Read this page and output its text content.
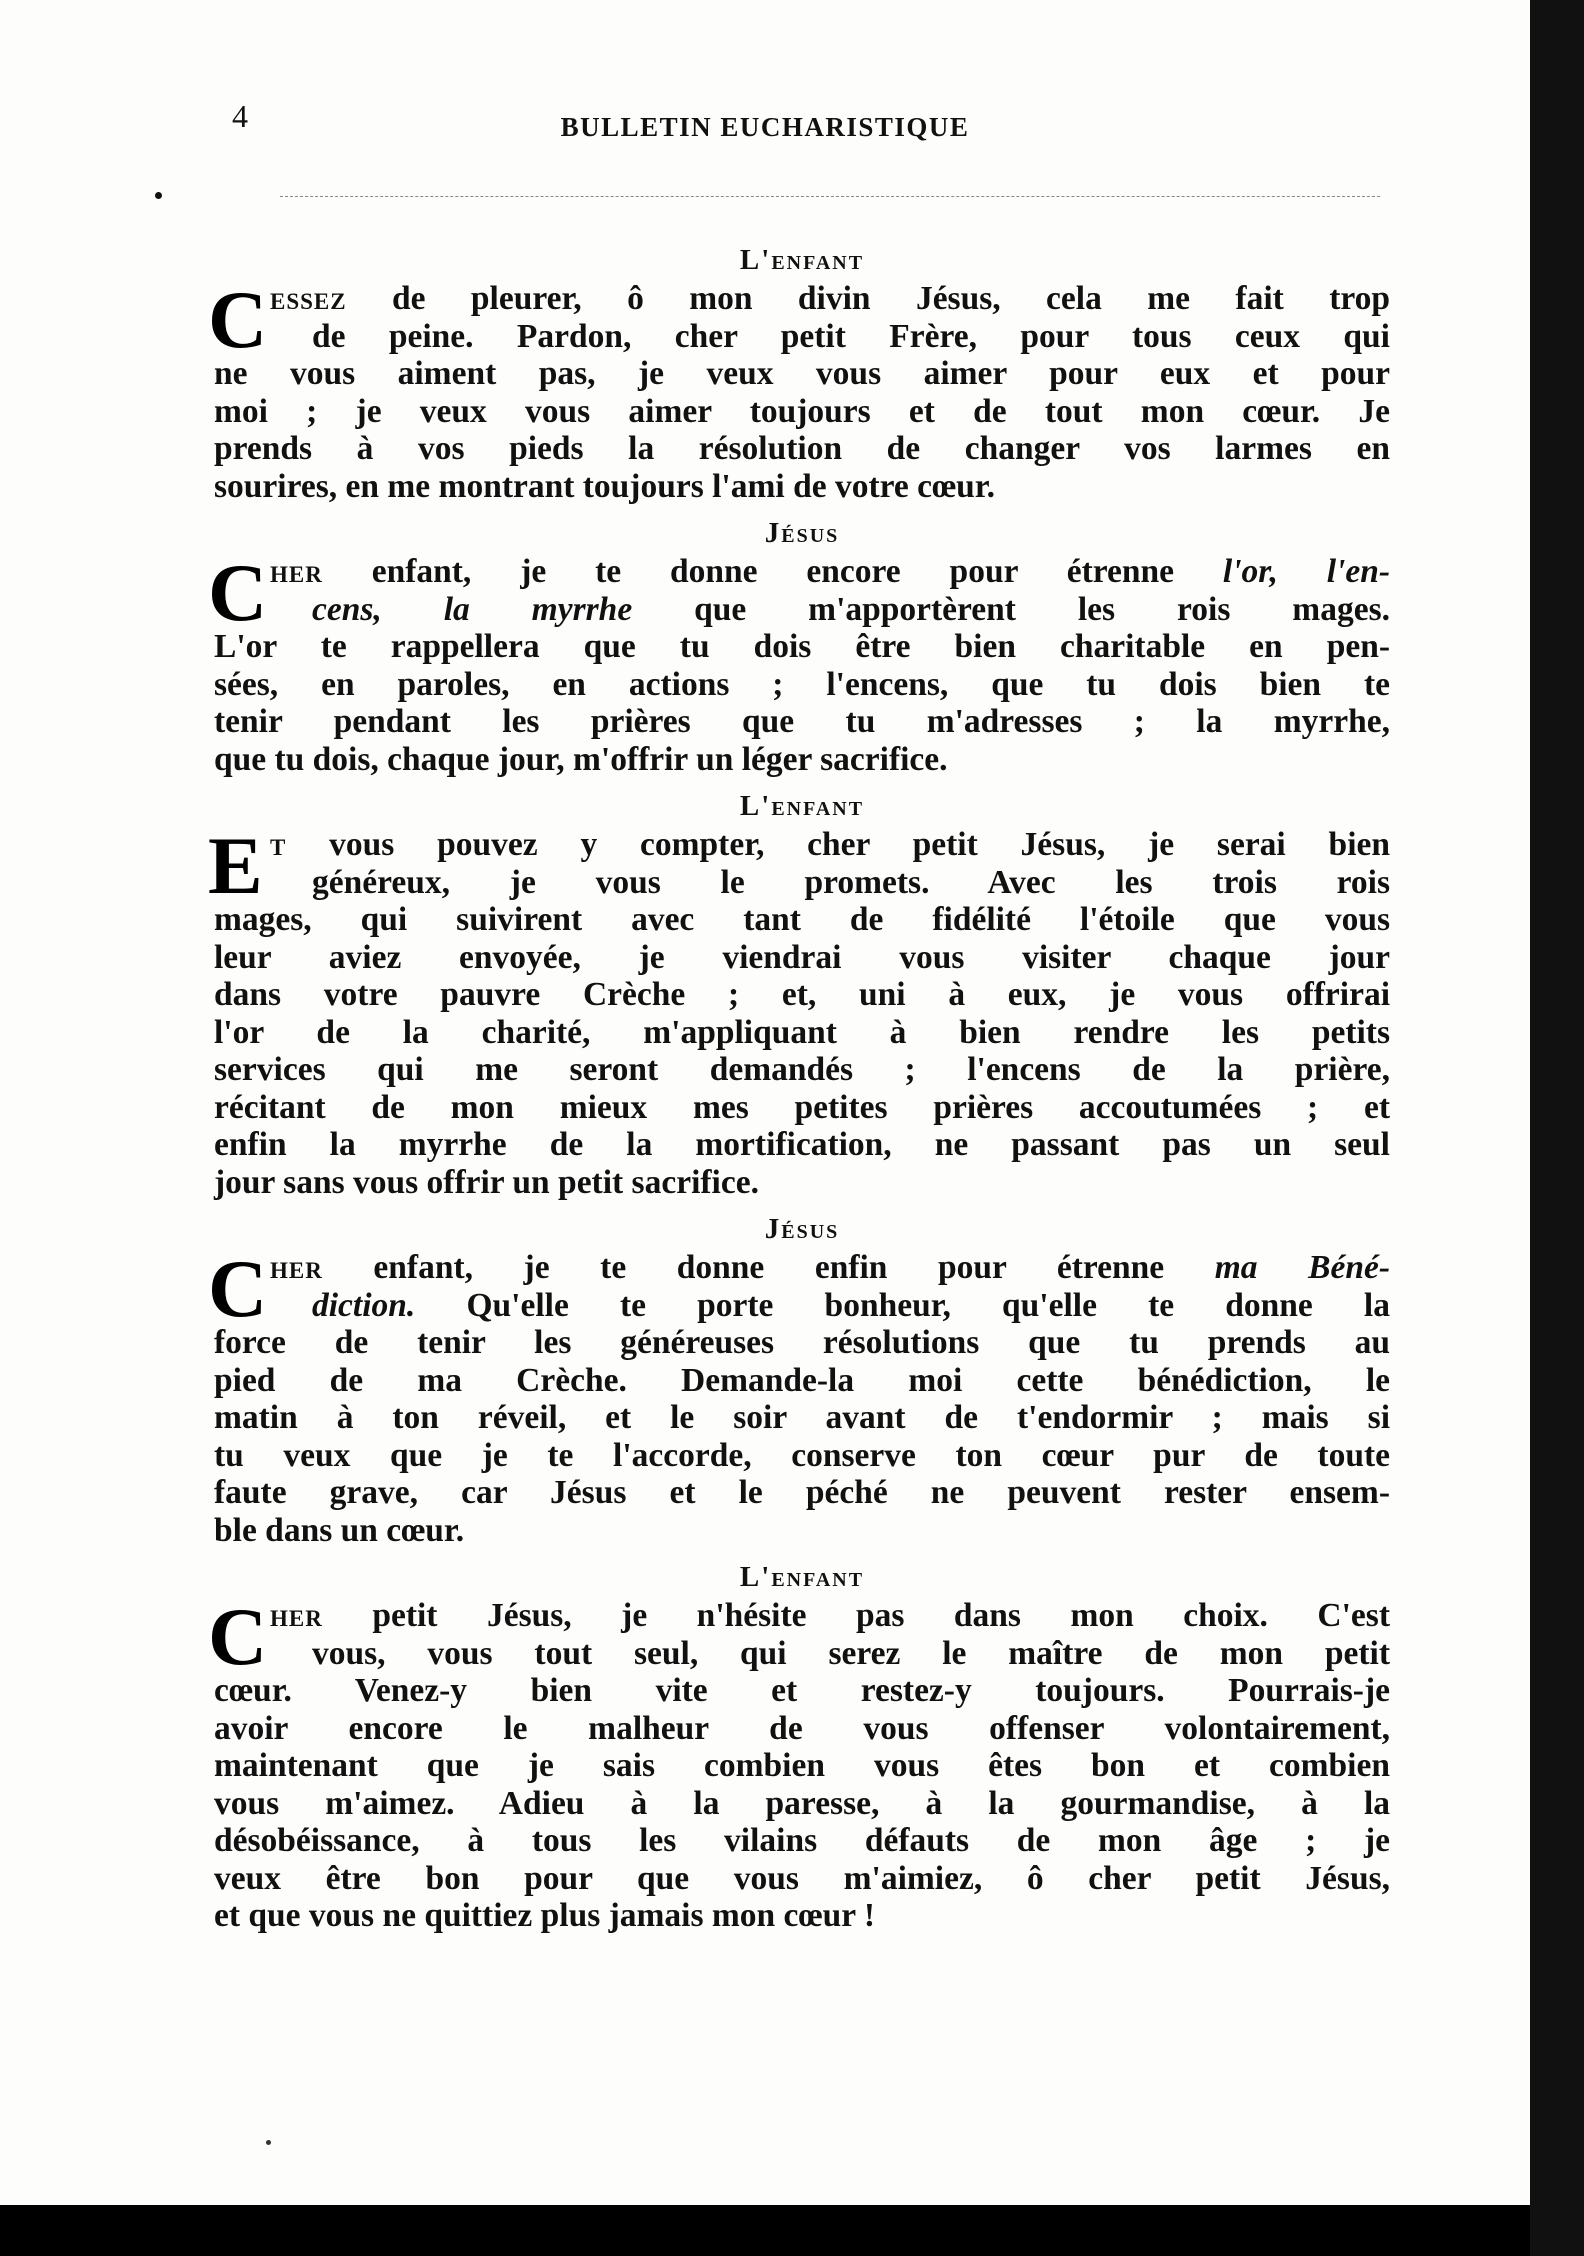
4	BULLETIN EUCHARISTIQUE
L'enfant
C essez de pleurer, ô mon divin Jésus, cela me fait trop
de peine. Pardon, cher petit Frère, pour tous ceux qui
ne vous aiment pas, je veux vous aimer pour eux et pour
moi ; je veux vous aimer toujours et de tout mon cœur. Je
prends à vos pieds la résolution de changer vos larmes en
sourires, en me montrant toujours l'ami de votre cœur.
Jésus
C her enfant, je te donne encore pour étrenne l'or, l'en-
cens, la myrrhe que m'apportèrent les rois mages.
L'or te rappellera que tu dois être bien charitable en pen-
sées, en paroles, en actions ; l'encens, que tu dois bien te
tenir pendant les prières que tu m'adresses ; la myrrhe,
que tu dois, chaque jour, m'offrir un léger sacrifice.
L'enfant
E t vous pouvez y compter, cher petit Jésus, je serai bien
généreux, je vous le promets. Avec les trois rois
mages, qui suivirent avec tant de fidélité l'étoile que vous
leur aviez envoyée, je viendrai vous visiter chaque jour
dans votre pauvre Crèche ; et, uni à eux, je vous offrirai
l'or de la charité, m'appliquant à bien rendre les petits
services qui me seront demandés ; l'encens de la prière,
récitant de mon mieux mes petites prières accoutumées ; et
enfin la myrrhe de la mortification, ne passant pas un seul
jour sans vous offrir un petit sacrifice.
Jésus
C her enfant, je te donne enfin pour étrenne ma Béné-
diction. Qu'elle te porte bonheur, qu'elle te donne la
force de tenir les généreuses résolutions que tu prends au
pied de ma Crèche. Demande-la moi cette bénédiction, le
matin à ton réveil, et le soir avant de t'endormir ; mais si
tu veux que je te l'accorde, conserve ton cœur pur de toute
faute grave, car Jésus et le péché ne peuvent rester ensem-
ble dans un cœur.
L'enfant
C her petit Jésus, je n'hésite pas dans mon choix. C'est
vous, vous tout seul, qui serez le maître de mon petit
cœur. Venez-y bien vite et restez-y toujours. Pourrais-je
avoir encore le malheur de vous offenser volontairement,
maintenant que je sais combien vous êtes bon et combien
vous m'aimez. Adieu à la paresse, à la gourmandise, à la
désobéissance, à tous les vilains défauts de mon âge ; je
veux être bon pour que vous m'aimiez, ô cher petit Jésus,
et que vous ne quittiez plus jamais mon cœur !
